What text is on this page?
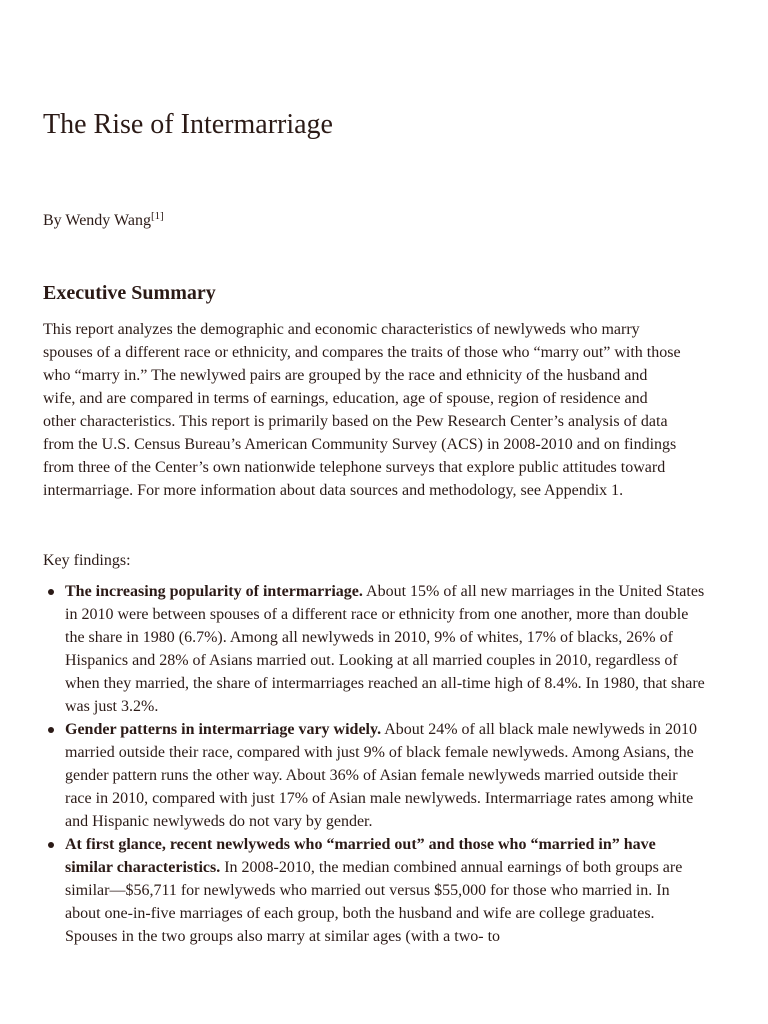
The Rise of Intermarriage
By Wendy Wang[1]
Executive Summary

This report analyzes the demographic and economic characteristics of newlyweds who marry spouses of a different race or ethnicity, and compares the traits of those who “marry out” with those who “marry in.” The newlywed pairs are grouped by the race and ethnicity of the husband and wife, and are compared in terms of earnings, education, age of spouse, region of residence and other characteristics. This report is primarily based on the Pew Research Center’s analysis of data from the U.S. Census Bureau’s American Community Survey (ACS) in 2008-2010 and on findings from three of the Center’s own nationwide telephone surveys that explore public attitudes toward intermarriage. For more information about data sources and methodology, see Appendix 1.

Key findings:

The increasing popularity of intermarriage. About 15% of all new marriages in the United States in 2010 were between spouses of a different race or ethnicity from one another, more than double the share in 1980 (6.7%). Among all newlyweds in 2010, 9% of whites, 17% of blacks, 26% of Hispanics and 28% of Asians married out. Looking at all married couples in 2010, regardless of when they married, the share of intermarriages reached an all-time high of 8.4%. In 1980, that share was just 3.2%.
Gender patterns in intermarriage vary widely. About 24% of all black male newlyweds in 2010 married outside their race, compared with just 9% of black female newlyweds. Among Asians, the gender pattern runs the other way. About 36% of Asian female newlyweds married outside their race in 2010, compared with just 17% of Asian male newlyweds. Intermarriage rates among white and Hispanic newlyweds do not vary by gender.
At first glance, recent newlyweds who “married out” and those who “married in” have similar characteristics. In 2008-2010, the median combined annual earnings of both groups are similar—$56,711 for newlyweds who married out versus $55,000 for those who married in. In about one-in-five marriages of each group, both the husband and wife are college graduates. Spouses in the two groups also marry at similar ages (with a two- to
